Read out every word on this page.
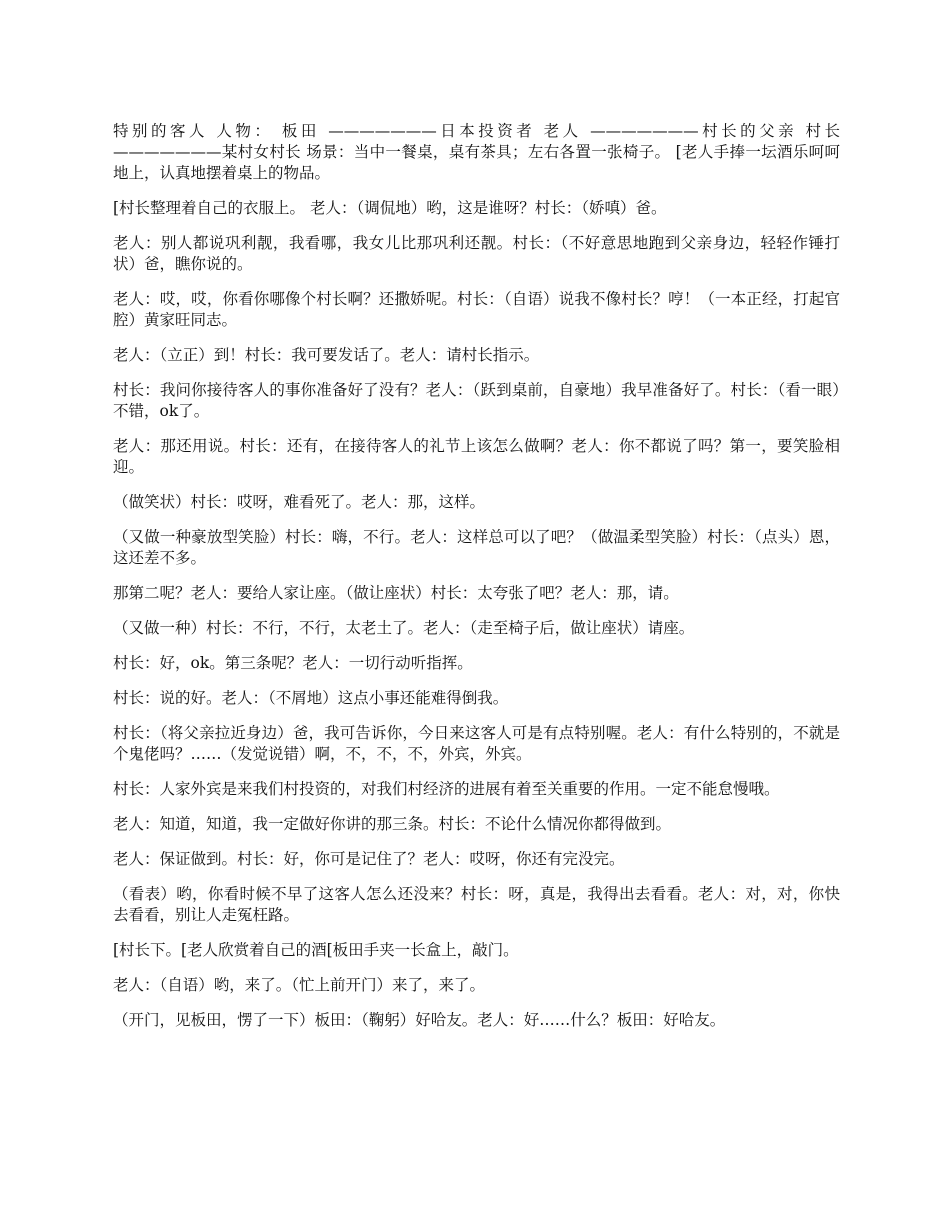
特别的客人 人物： 板田 ———————日本投资者 老人 ———————村长的父亲 村长 ———————某村女村长 场景：当中一餐桌，桌有茶具；左右各置一张椅子。 [老人手捧一坛酒乐呵呵地上，认真地摆着桌上的物品。

[村长整理着自己的衣服上。 老人：（调侃地）哟，这是谁呀？村长：（娇嗔）爸。

老人：别人都说巩利靓，我看哪，我女儿比那巩利还靓。村长：（不好意思地跑到父亲身边，轻轻作锤打状）爸，瞧你说的。

老人：哎，哎，你看你哪像个村长啊？还撒娇呢。村长：（自语）说我不像村长？哼！（一本正经，打起官腔）黄家旺同志。

老人：（立正）到！村长：我可要发话了。老人：请村长指示。

村长：我问你接待客人的事你准备好了没有？老人：（跃到桌前，自豪地）我早准备好了。村长：（看一眼）不错，ok了。

老人：那还用说。村长：还有，在接待客人的礼节上该怎么做啊？老人：你不都说了吗？第一，要笑脸相迎。

（做笑状）村长：哎呀，难看死了。老人：那，这样。

（又做一种豪放型笑脸）村长：嗨，不行。老人：这样总可以了吧？（做温柔型笑脸）村长：（点头）恩，这还差不多。

那第二呢？老人：要给人家让座。（做让座状）村长：太夸张了吧？老人：那，请。

（又做一种）村长：不行，不行，太老土了。老人：（走至椅子后，做让座状）请座。

村长：好，ok。第三条呢？老人：一切行动听指挥。

村长：说的好。老人：（不屑地）这点小事还能难得倒我。

村长：（将父亲拉近身边）爸，我可告诉你，今日来这客人可是有点特别喔。老人：有什么特别的，不就是个鬼佬吗？……（发觉说错）啊，不，不，不，外宾，外宾。

村长：人家外宾是来我们村投资的，对我们村经济的进展有着至关重要的作用。一定不能怠慢哦。

老人：知道，知道，我一定做好你讲的那三条。村长：不论什么情况你都得做到。

老人：保证做到。村长：好，你可是记住了？老人：哎呀，你还有完没完。

（看表）哟，你看时候不早了这客人怎么还没来？村长：呀，真是，我得出去看看。老人：对，对，你快去看看，别让人走冤枉路。

[村长下。[老人欣赏着自己的酒[板田手夹一长盒上，敲门。

老人：（自语）哟，来了。（忙上前开门）来了，来了。

（开门，见板田，愣了一下）板田：（鞠躬）好哈友。老人：好……什么？板田：好哈友。
